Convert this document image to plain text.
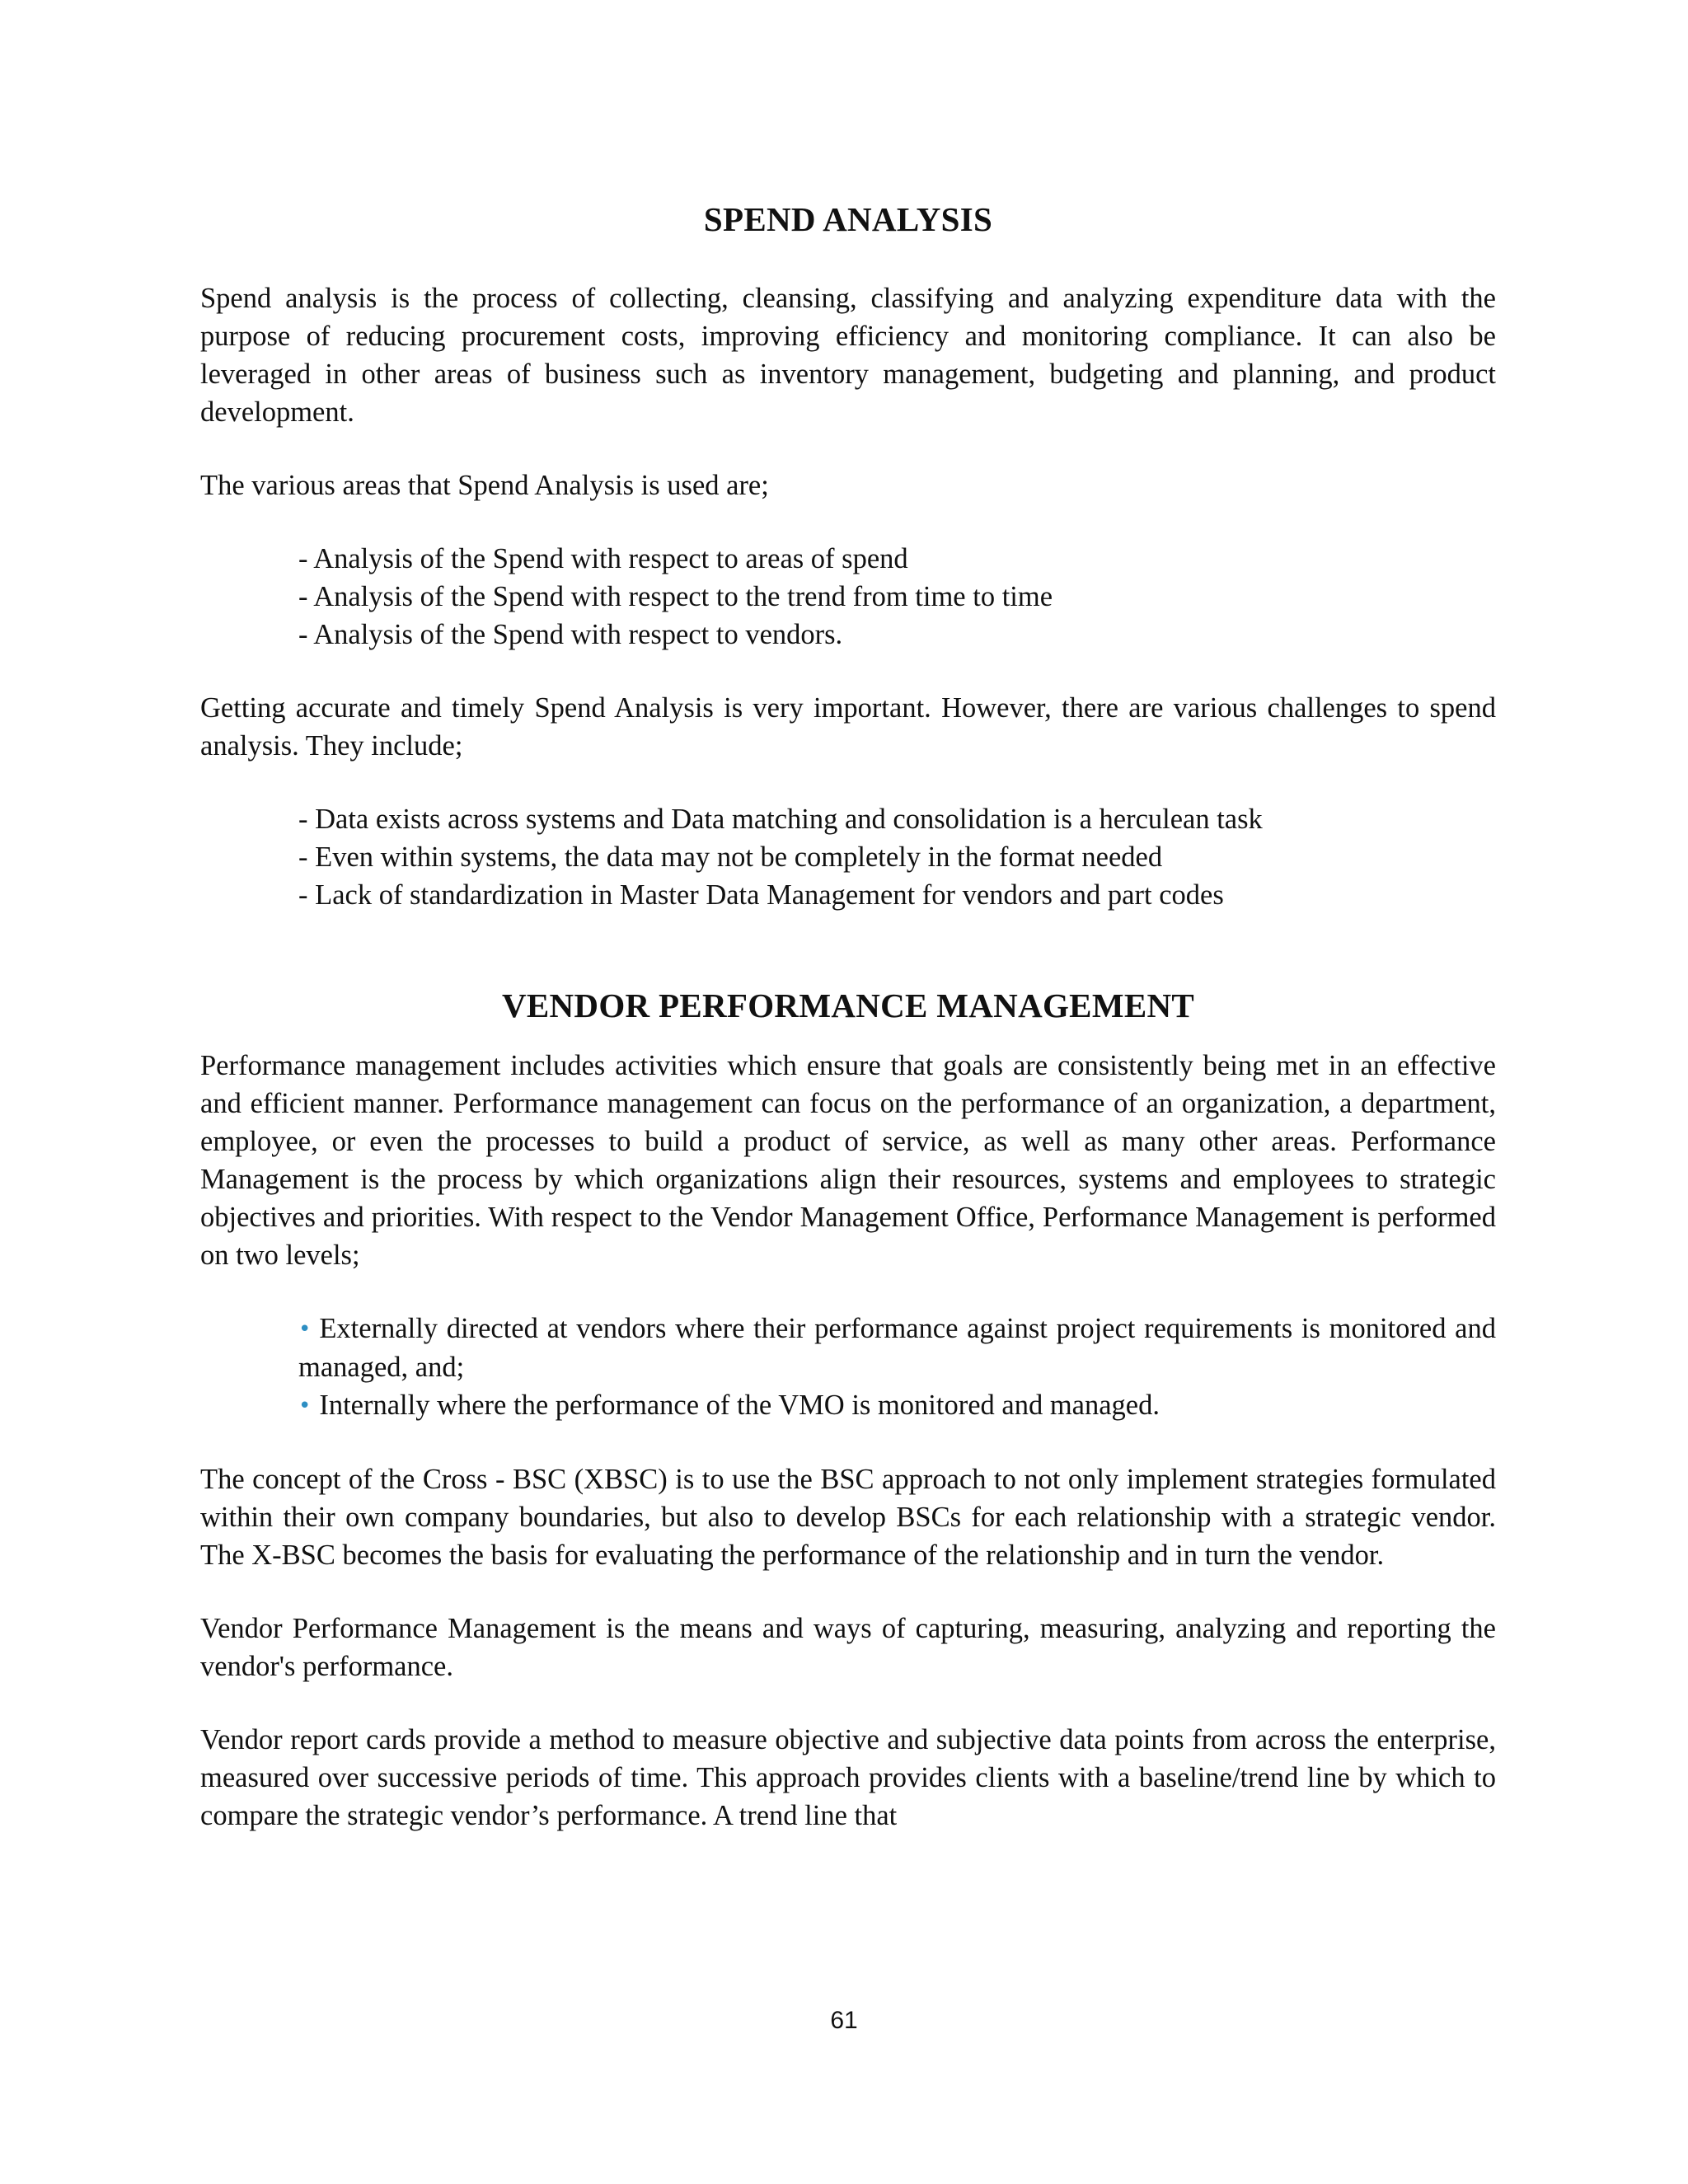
SPEND ANALYSIS

Spend analysis is the process of collecting, cleansing, classifying and analyzing expenditure data with the purpose of reducing procurement costs, improving efficiency and monitoring compliance. It can also be leveraged in other areas of business such as inventory management, budgeting and planning, and product development.

The various areas that Spend Analysis is used are;

- Analysis of the Spend with respect to areas of spend

- Analysis of the Spend with respect to the trend from time to time

- Analysis of the Spend with respect to vendors.

Getting accurate and timely Spend Analysis is very important. However, there are various challenges to spend analysis. They include;

- Data exists across systems and Data matching and consolidation is a herculean task

- Even within systems, the data may not be completely in the format needed

- Lack of standardization in Master Data Management for vendors and part codes

VENDOR PERFORMANCE MANAGEMENT

Performance management includes activities which ensure that goals are consistently being met in an effective and efficient manner. Performance management can focus on the performance of an organization, a department, employee, or even the processes to build a product of service, as well as many other areas. Performance Management is the process by which organizations align their resources, systems and employees to strategic objectives and priorities. With respect to the Vendor Management Office, Performance Management is performed on two levels;

• Externally directed at vendors where their performance against project requirements is monitored and managed, and;

• Internally where the performance of the VMO is monitored and managed.

The concept of the Cross - BSC (XBSC) is to use the BSC approach to not only implement strategies formulated within their own company boundaries, but also to develop BSCs for each relationship with a strategic vendor. The X-BSC becomes the basis for evaluating the performance of the relationship and in turn the vendor.

Vendor Performance Management is the means and ways of capturing, measuring, analyzing and reporting the vendor's performance.

Vendor report cards provide a method to measure objective and subjective data points from across the enterprise, measured over successive periods of time. This approach provides clients with a baseline/trend line by which to compare the strategic vendor’s performance. A trend line that

61
